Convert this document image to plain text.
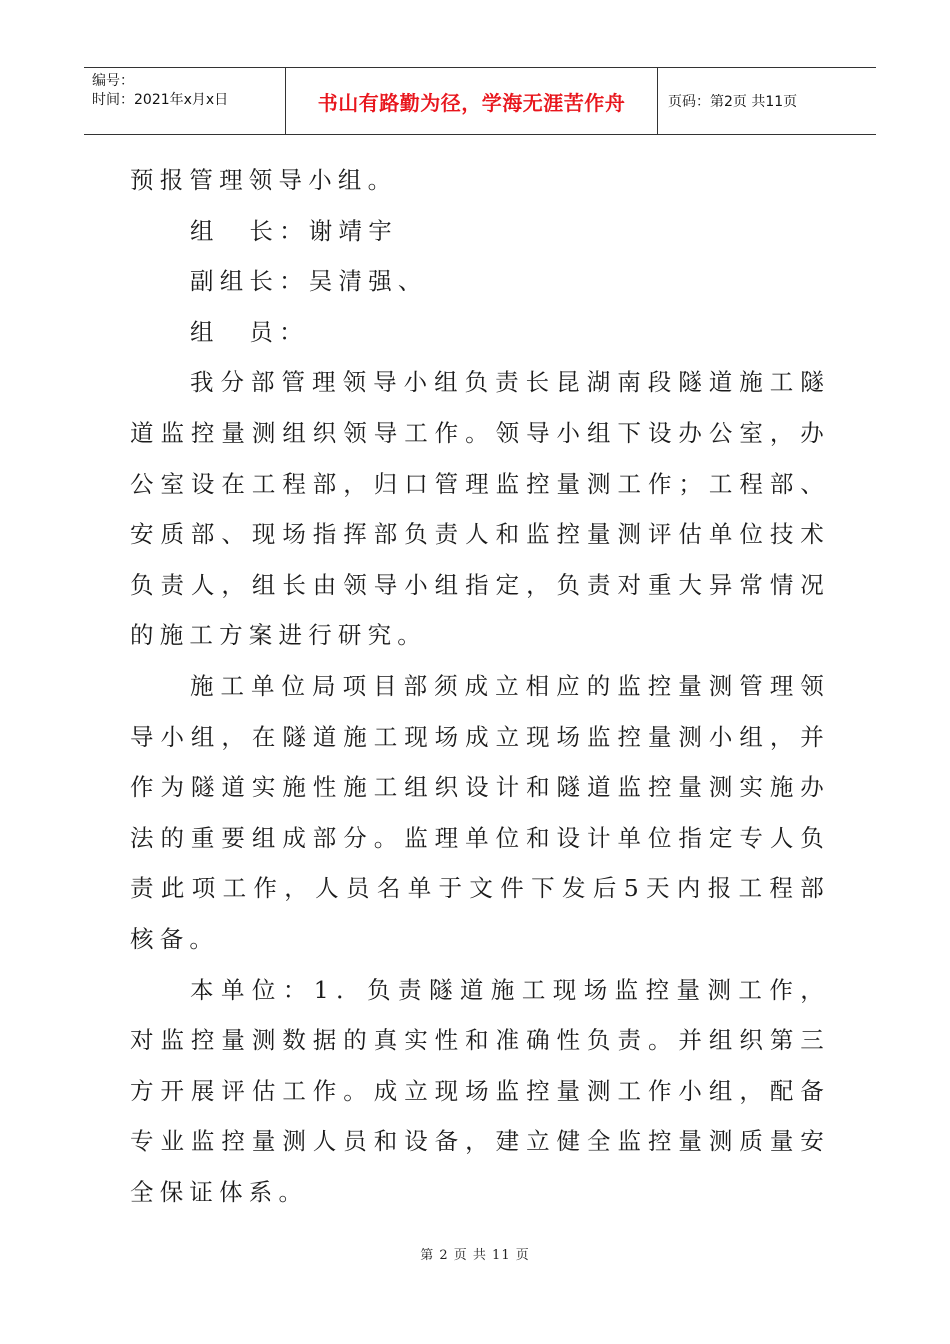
编号：
时间：2021年x月x日	书山有路勤为径，学海无涯苦作舟	页码：第2页 共11页

预报管理领导小组。

组　长：谢靖宇

副组长：吴清强、

组　员：

我分部管理领导小组负责长昆湖南段隧道施工隧道监控量测组织领导工作。领导小组下设办公室，办公室设在工程部，归口管理监控量测工作；工程部、安质部、现场指挥部负责人和监控量测评估单位技术负责人，组长由领导小组指定，负责对重大异常情况的施工方案进行研究。

施工单位局项目部须成立相应的监控量测管理领导小组，在隧道施工现场成立现场监控量测小组，并作为隧道实施性施工组织设计和隧道监控量测实施办法的重要组成部分。监理单位和设计单位指定专人负责此项工作，人员名单于文件下发后5天内报工程部核备。

本单位：1．负责隧道施工现场监控量测工作，对监控量测数据的真实性和准确性负责。并组织第三方开展评估工作。成立现场监控量测工作小组，配备专业监控量测人员和设备，建立健全监控量测质量安全保证体系。

第 2 页 共 11 页
